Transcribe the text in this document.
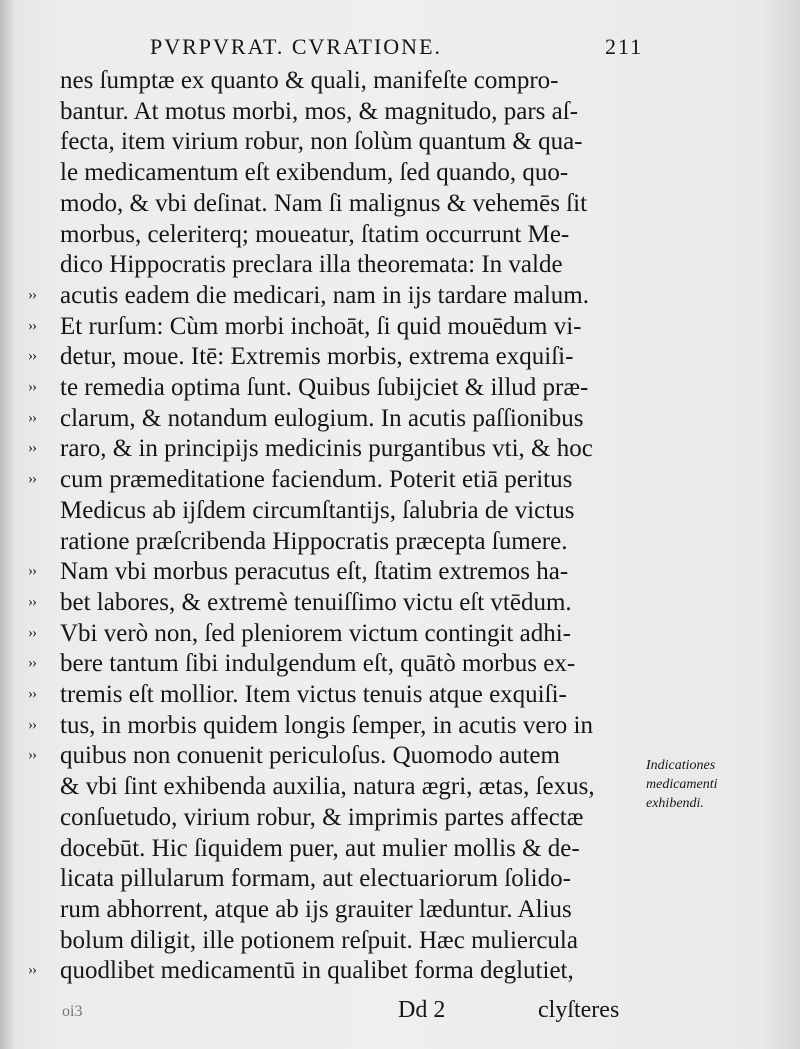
PVRPVRAT. CVRATIONE.	211
nes ſumptæ ex quanto & quali, manifeſte compro-
bantur. At motus morbi, mos, & magnitudo, pars aſ-
fecta, item virium robur, non ſolùm quantum & qua-
le medicamentum eſt exibendum, ſed quando, quo-
modo, & vbi deſinat. Nam ſi malignus & vehemēs ſit
morbus, celeriterq; moueatur, ſtatim occurrunt Me-
dico Hippocratis preclara illa theoremata: In valde
›› acutis eadem die medicari, nam in ijs tardare malum.
›› Et rurſum: Cùm morbi inchoāt, ſi quid mouēdum vi-
›› detur, moue. Itē: Extremis morbis, extrema exquiſi-
›› te remedia optima ſunt. Quibus ſubijciet & illud præ-
›› clarum, & notandum eulogium. In acutis paſſionibus
›› raro, & in principijs medicinis purgantibus vti, & hoc
›› cum præmeditatione faciendum. Poterit etiā peritus
Medicus ab ijſdem circumſtantijs, ſalubria de victus
ratione præſcribenda Hippocratis præcepta ſumere.
›› Nam vbi morbus peracutus eſt, ſtatim extremos ha-
›› bet labores, & extremè tenuiſſimo victu eſt vtēdum.
›› Vbi verò non, ſed pleniorem victum contingit adhi-
›› bere tantum ſibi indulgendum eſt, quātò morbus ex-
›› tremis eſt mollior. Item victus tenuis atque exquiſi-
›› tus, in morbis quidem longis ſemper, in acutis vero in
›› quibus non conuenit periculoſus. Quomodo autem
& vbi ſint exhibenda auxilia, natura ægri, ætas, ſexus,
conſuetudo, virium robur, & imprimis partes affectæ
docebūt. Hic ſiquidem puer, aut mulier mollis & de-
licata pillularum formam, aut electuariorum ſolido-
rum abhorrent, atque ab ijs grauiter læduntur. Alius
bolum diligit, ille potionem reſpuit. Hæc muliercula
›› quodlibet medicamentū in qualibet forma deglutiet,
Indicationes
medicamenti
exhibendi.
oi3	Dd 2	clyſteres
